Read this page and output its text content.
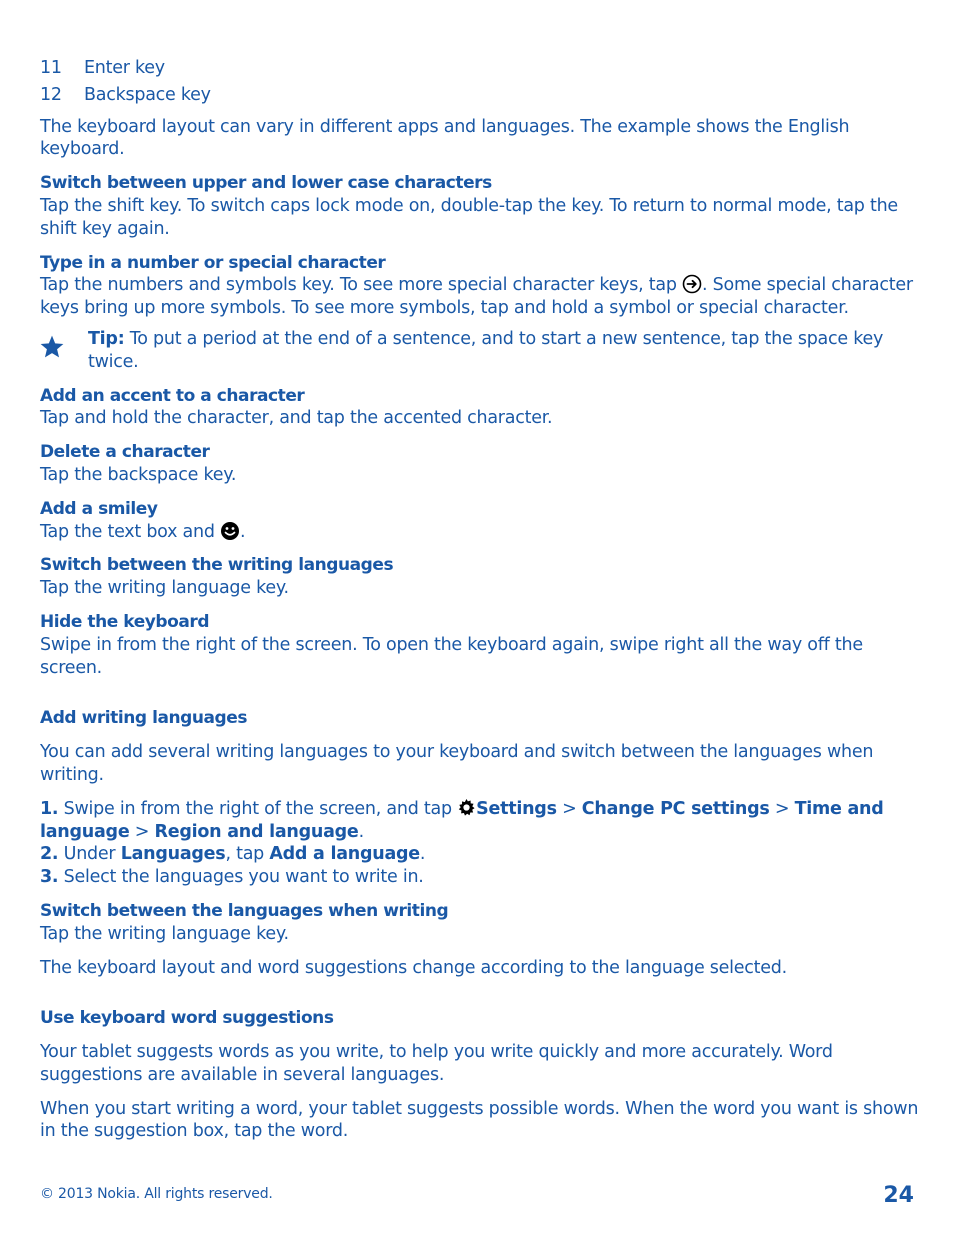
11	Enter key
12	Backspace key

The keyboard layout can vary in different apps and languages. The example shows the English keyboard.

Switch between upper and lower case characters

Tap the shift key. To switch caps lock mode on, double-tap the key. To return to normal mode, tap the shift key again.

Type in a number or special character

Tap the numbers and symbols key. To see more special character keys, tap . Some special character keys bring up more symbols. To see more symbols, tap and hold a symbol or special character.

Tip: To put a period at the end of a sentence, and to start a new sentence, tap the space key twice.

Add an accent to a character

Tap and hold the character, and tap the accented character.

Delete a character

Tap the backspace key.

Add a smiley

Tap the text box and .

Switch between the writing languages

Tap the writing language key.

Hide the keyboard

Swipe in from the right of the screen. To open the keyboard again, swipe right all the way off the screen.

Add writing languages

You can add several writing languages to your keyboard and switch between the languages when writing.

1. Swipe in from the right of the screen, and tap Settings > Change PC settings > Time and language > Region and language.

2. Under Languages, tap Add a language.

3. Select the languages you want to write in.

Switch between the languages when writing

Tap the writing language key.

The keyboard layout and word suggestions change according to the language selected.

Use keyboard word suggestions

Your tablet suggests words as you write, to help you write quickly and more accurately. Word suggestions are available in several languages.

When you start writing a word, your tablet suggests possible words. When the word you want is shown in the suggestion box, tap the word.

© 2013 Nokia. All rights reserved.	24
